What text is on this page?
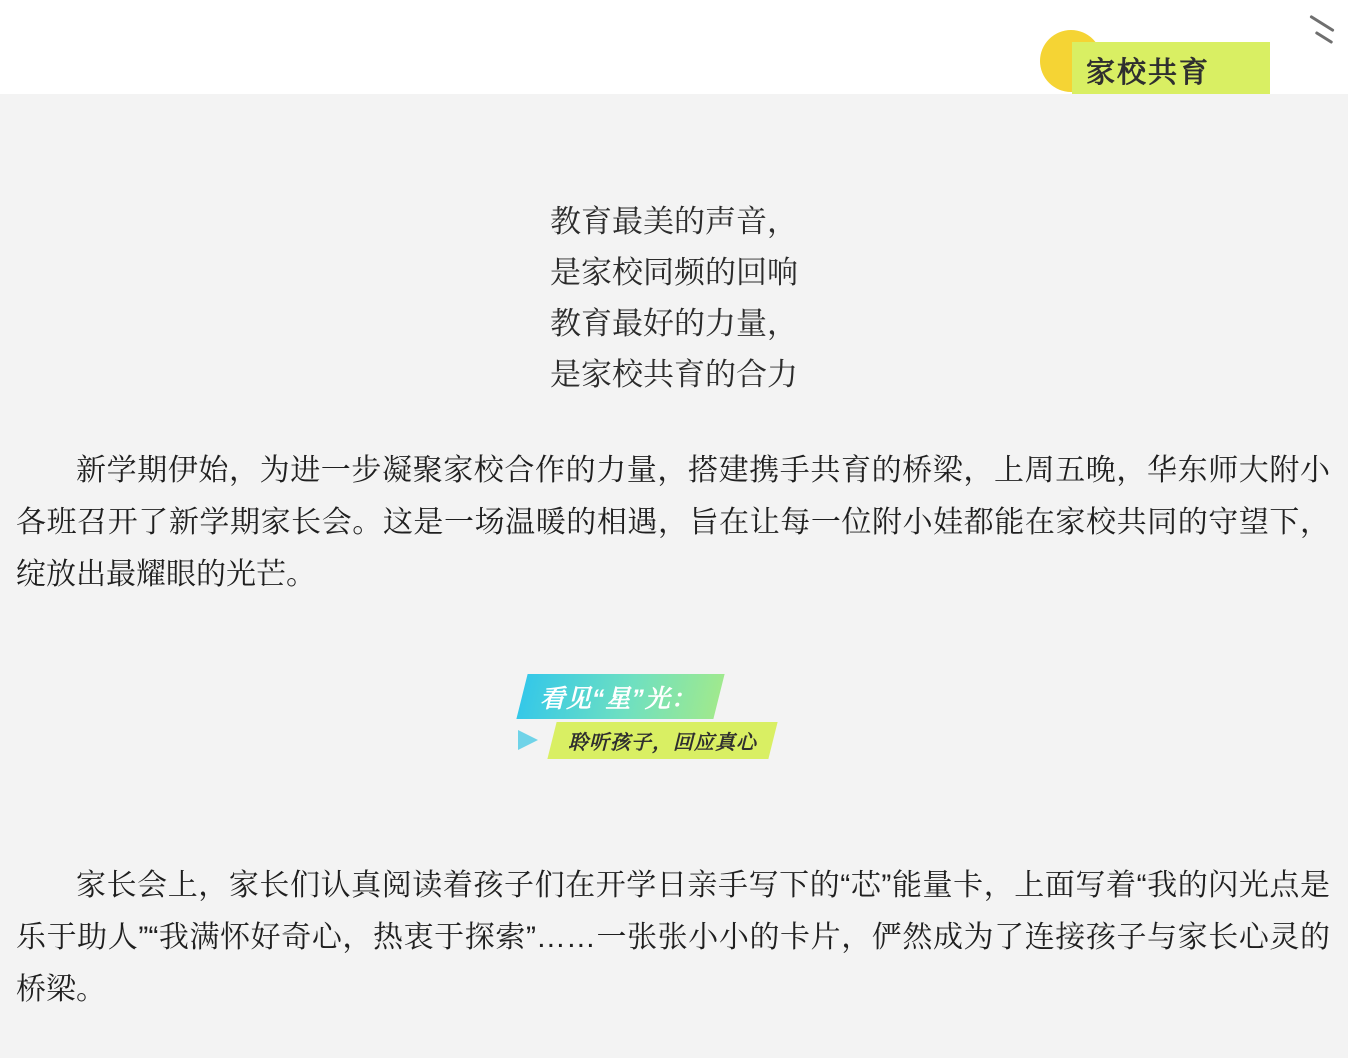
家校共育
教育最美的声音，
是家校同频的回响
教育最好的力量，
是家校共育的合力
新学期伊始，为进一步凝聚家校合作的力量，搭建携手共育的桥梁，上周五晚，华东师大附小各班召开了新学期家长会。这是一场温暖的相遇，旨在让每一位附小娃都能在家校共同的守望下，绽放出最耀眼的光芒。
看见“星”光：
聆听孩子，回应真心
家长会上，家长们认真阅读着孩子们在开学日亲手写下的“芯”能量卡，上面写着“我的闪光点是乐于助人”“我满怀好奇心，热衷于探索”……一张张小小的卡片，俨然成为了连接孩子与家长心灵的桥梁。
